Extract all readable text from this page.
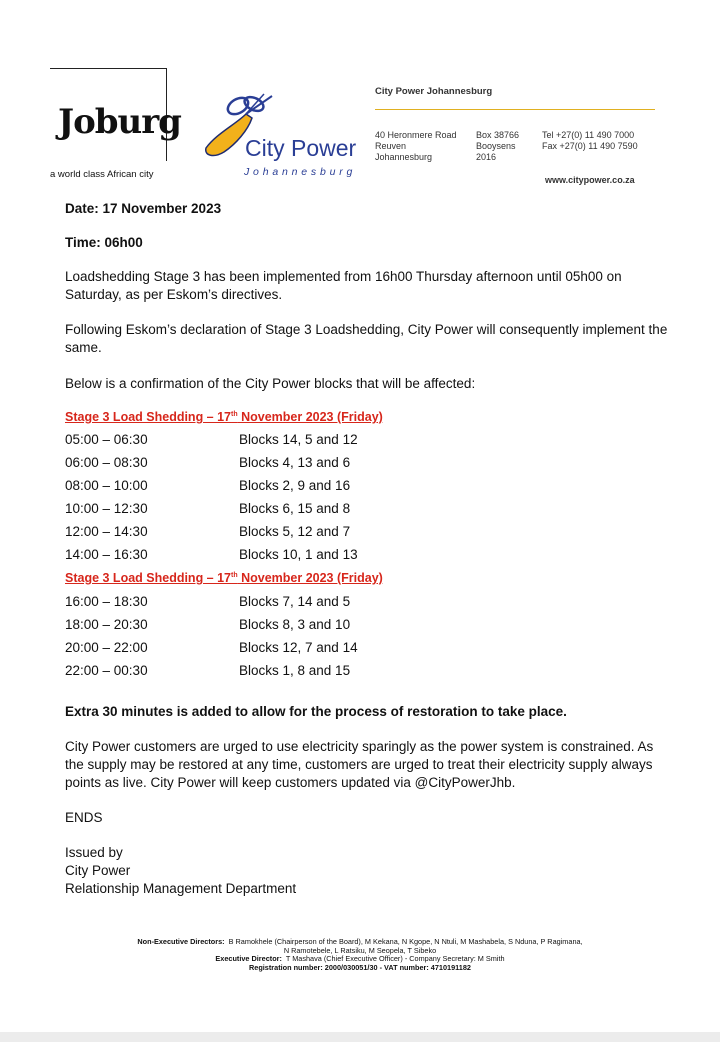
Joburg
a world class African city
City Power
Johannesburg
City Power Johannesburg
40 Heronmere Road
Reuven
Johannesburg
Box 38766
Booysens
2016
Tel +27(0) 11 490 7000
Fax +27(0) 11 490 7590
www.citypower.co.za
Date: 17 November 2023
Time: 06h00
Loadshedding Stage 3 has been implemented from 16h00 Thursday afternoon until 05h00 on Saturday, as per Eskom’s directives.
Following Eskom’s declaration of Stage 3 Loadshedding, City Power will consequently implement the same.
Below is a confirmation of the City Power blocks that will be affected:
Stage 3 Load Shedding – 17th November 2023 (Friday)
05:00 – 06:30	Blocks 14, 5 and 12
06:00 – 08:30	Blocks 4, 13 and 6
08:00 – 10:00	Blocks 2, 9 and 16
10:00 – 12:30	Blocks 6, 15 and 8
12:00 – 14:30	Blocks 5, 12 and 7
14:00 – 16:30	Blocks 10, 1 and 13
Stage 3 Load Shedding – 17th November 2023 (Friday)
16:00 – 18:30	Blocks 7, 14 and 5
18:00 – 20:30	Blocks 8, 3 and 10
20:00 – 22:00	Blocks 12, 7 and 14
22:00 – 00:30	Blocks 1, 8 and 15
Extra 30 minutes is added to allow for the process of restoration to take place.
City Power customers are urged to use electricity sparingly as the power system is constrained. As the supply may be restored at any time, customers are urged to treat their electricity supply always points as live. City Power will keep customers updated via @CityPowerJhb.
ENDS
Issued by
City Power
Relationship Management Department
Non-Executive Directors: B Ramokhele (Chairperson of the Board), M Kekana, N Kgope, N Ntuli, M Mashabela, S Nduna, P Ragimana,
N Ramotebele, L Ratsiku, M Seopela, T Sibeko
Executive Director: T Mashava (Chief Executive Officer) - Company Secretary: M Smith
Registration number: 2000/030051/30 - VAT number: 4710191182
